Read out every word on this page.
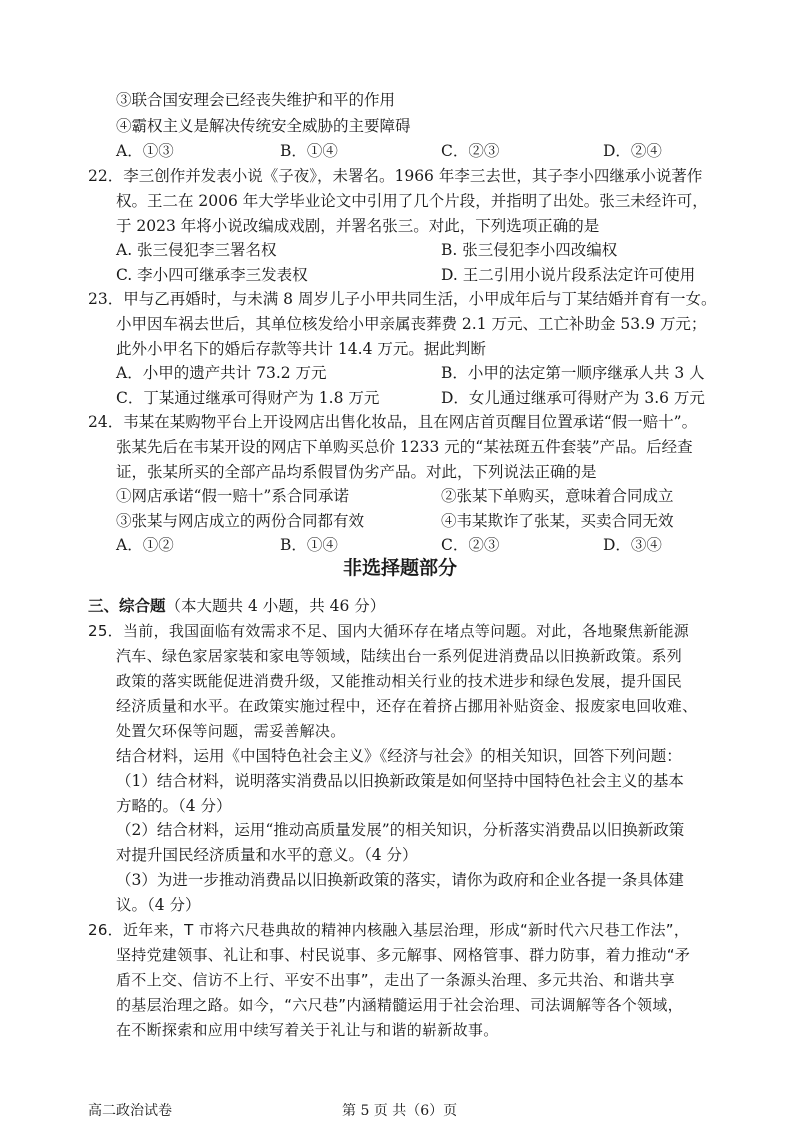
③联合国安理会已经丧失维护和平的作用
④霸权主义是解决传统安全威胁的主要障碍
A．①③	B．①④	C．②③	D．②④
22．李三创作并发表小说《子夜》，未署名。1966 年李三去世，其子李小四继承小说著作
权。王二在 2006 年大学毕业论文中引用了几个片段，并指明了出处。张三未经许可，
于 2023 年将小说改编成戏剧，并署名张三。对此，下列选项正确的是
A. 张三侵犯李三署名权	B. 张三侵犯李小四改编权
C. 李小四可继承李三发表权	D. 王二引用小说片段系法定许可使用
23．甲与乙再婚时，与未满 8 周岁儿子小甲共同生活，小甲成年后与丁某结婚并育有一女。
小甲因车祸去世后，其单位核发给小甲亲属丧葬费 2.1 万元、工亡补助金 53.9 万元；
此外小甲名下的婚后存款等共计 14.4 万元。据此判断
A．小甲的遗产共计 73.2 万元	B．小甲的法定第一顺序继承人共 3 人
C．丁某通过继承可得财产为 1.8 万元	D．女儿通过继承可得财产为 3.6 万元
24．韦某在某购物平台上开设网店出售化妆品，且在网店首页醒目位置承诺“假一赔十”。
张某先后在韦某开设的网店下单购买总价 1233 元的“某祛斑五件套装”产品。后经查
证，张某所买的全部产品均系假冒伪劣产品。对此，下列说法正确的是
①网店承诺“假一赔十”系合同承诺	②张某下单购买，意味着合同成立
③张某与网店成立的两份合同都有效	④韦某欺诈了张某，买卖合同无效
A．①②	B．①④	C．②③	D．③④
非选择题部分
三、综合题（本大题共 4 小题，共 46 分）
25．当前，我国面临有效需求不足、国内大循环存在堵点等问题。对此，各地聚焦新能源
汽车、绿色家居家装和家电等领域，陆续出台一系列促进消费品以旧换新政策。系列
政策的落实既能促进消费升级，又能推动相关行业的技术进步和绿色发展，提升国民
经济质量和水平。在政策实施过程中，还存在着挤占挪用补贴资金、报废家电回收难、
处置欠环保等问题，需妥善解决。
结合材料，运用《中国特色社会主义》《经济与社会》的相关知识，回答下列问题：
（1）结合材料，说明落实消费品以旧换新政策是如何坚持中国特色社会主义的基本
方略的。（4 分）
（2）结合材料，运用“推动高质量发展”的相关知识，分析落实消费品以旧换新政策
对提升国民经济质量和水平的意义。（4 分）
（3）为进一步推动消费品以旧换新政策的落实，请你为政府和企业各提一条具体建
议。（4 分）
26．近年来，T 市将六尺巷典故的精神内核融入基层治理，形成“新时代六尺巷工作法”，
坚持党建领事、礼让和事、村民说事、多元解事、网格管事、群力防事，着力推动“矛
盾不上交、信访不上行、平安不出事”，走出了一条源头治理、多元共治、和谐共享
的基层治理之路。如今，“六尺巷”内涵精髓运用于社会治理、司法调解等各个领域，
在不断探索和应用中续写着关于礼让与和谐的崭新故事。
高二政治试卷	第 5 页 共（6）页
